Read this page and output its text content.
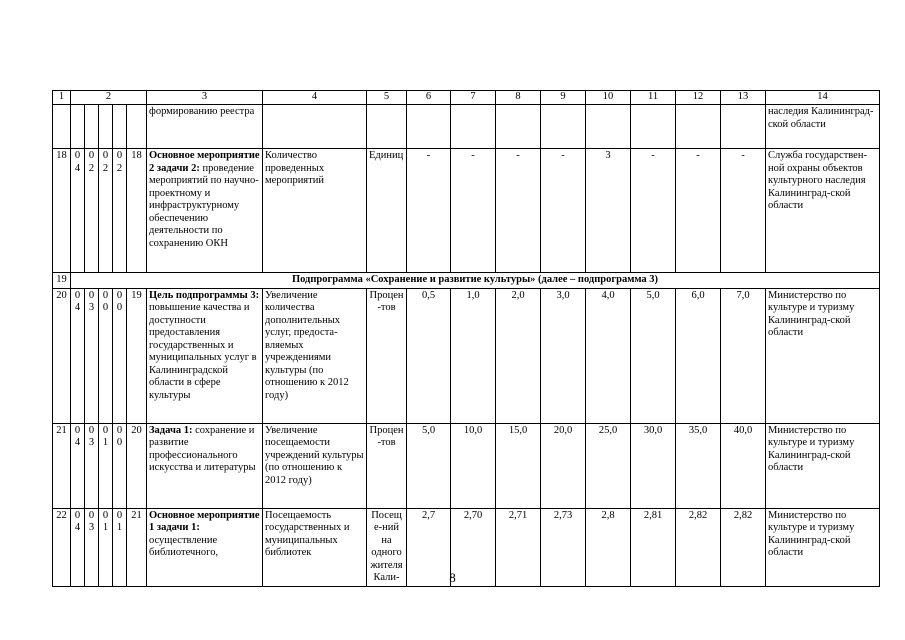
1	2					3	4	5	6	7	8	9	10	11	12	13	14
						формированию реестра											наследия Калининград-ской области
18	04	02	02	02	18	Основное мероприятие 2 задачи 2: проведение мероприятий по научно-проектному и инфраструктурному обеспечению деятельности по сохранению ОКН	Количество проведенных мероприятий	Единиц	-	-	-	-	3	-	-	-	Служба государствен-ной охраны объектов культурного наследия Калининград-ской области
19	Подпрограмма «Сохранение и развитие культуры» (далее – подпрограмма 3)																
20	04	03	00	00	19	Цель подпрограммы 3: повышение качества и доступности предоставления государственных и муниципальных услуг в Калининградской области в сфере культуры	Увеличение количества дополнительных услуг, предоста-вляемых учреждениями культуры (по отношению к 2012 году)	Процен-тов	0,5	1,0	2,0	3,0	4,0	5,0	6,0	7,0	Министерство по культуре и туризму Калининград-ской области
21	04	03	01	00	20	Задача 1: сохранение и развитие профессионального искусства и литературы	Увеличение посещаемости учреждений культуры (по отношению к 2012 году)	Процен-тов	5,0	10,0	15,0	20,0	25,0	30,0	35,0	40,0	Министерство по культуре и туризму Калининград-ской области
22	04	03	01	01	21	Основное мероприятие 1 задачи 1: осуществление библиотечного,	Посещаемость государственных и муниципальных библиотек	Посеще-ний на одного жителя Кали-	2,7	2,70	2,71	2,73	2,8	2,81	2,82	2,82	Министерство по культуре и туризму Калининград-ской области
8
